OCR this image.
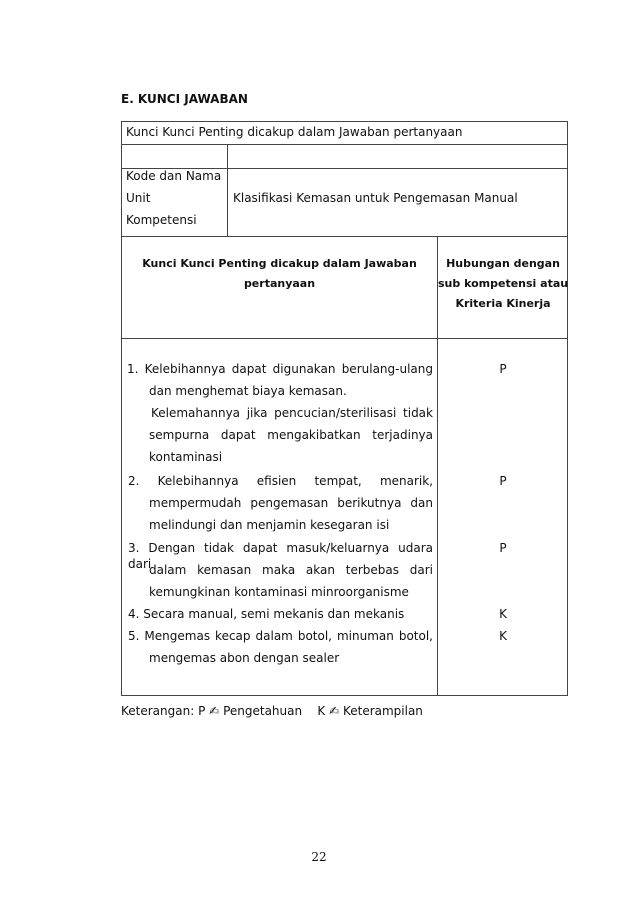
E. KUNCI JAWABAN
Kunci Kunci Penting dicakup dalam Jawaban pertanyaan
Kode dan Nama
Unit
Kompetensi
Klasifikasi Kemasan untuk Pengemasan Manual
Kunci Kunci Penting dicakup dalam Jawaban
pertanyaan
Hubungan dengan
sub kompetensi atau
Kriteria Kinerja
1. Kelebihannya dapat digunakan berulang-ulang
dan menghemat biaya kemasan.
Kelemahannya jika pencucian/sterilisasi tidak
sempurna dapat mengakibatkan terjadinya
kontaminasi
P
2. Kelebihannya efisien tempat, menarik,
mempermudah pengemasan berikutnya dan
melindungi dan menjamin kesegaran isi
P
3. Dengan tidak dapat masuk/keluarnya udara dari
dalam kemasan maka akan terbebas dari
kemungkinan kontaminasi minroorganisme
P
4. Secara manual, semi mekanis dan mekanis	K
5. Mengemas kecap dalam botol, minuman botol,
mengemas abon dengan sealer
K
Keterangan: P ✍ Pengetahuan K ✍ Keterampilan
22
